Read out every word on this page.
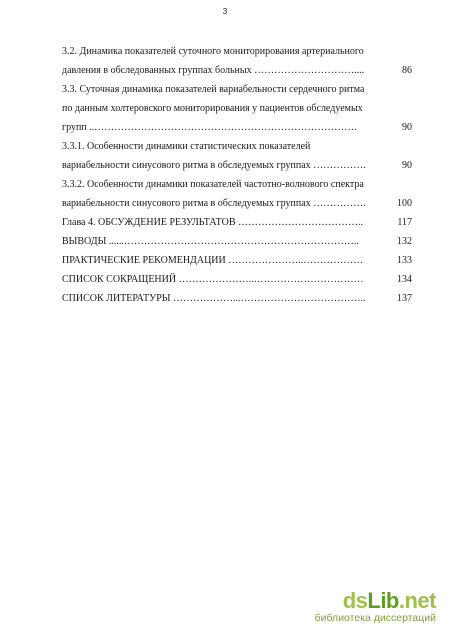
3
3.2. Динамика показателей суточного мониторирования артериального
давления в обследованных группах больных …………………………....	86
3.3. Суточная динамика показателей вариабельности сердечного ритма
по данным холтеровского мониторирования у пациентов обследуемых
групп ..…………………………………………………………………….	90
3.3.1. Особенности динамики статистических показателей
вариабельности синусового ритма в обследуемых группах …………….	90
3.3.2. Особенности динамики показателей частотно-волнового спектра
вариабельности синусового ритма в обследуемых группах …………….	100
Глава 4. ОБСУЖДЕНИЕ РЕЗУЛЬТАТОВ ………………………………..	117
ВЫВОДЫ ......……………………………………………………………..	132
ПРАКТИЧЕСКИЕ РЕКОМЕНДАЦИИ …………………..………………	133
СПИСОК СОКРАЩЕНИЙ …………………..……………………………	134
СПИСОК ЛИТЕРАТУРЫ ………………...………………………………..	137
dsLib.net
библиотека диссертаций
